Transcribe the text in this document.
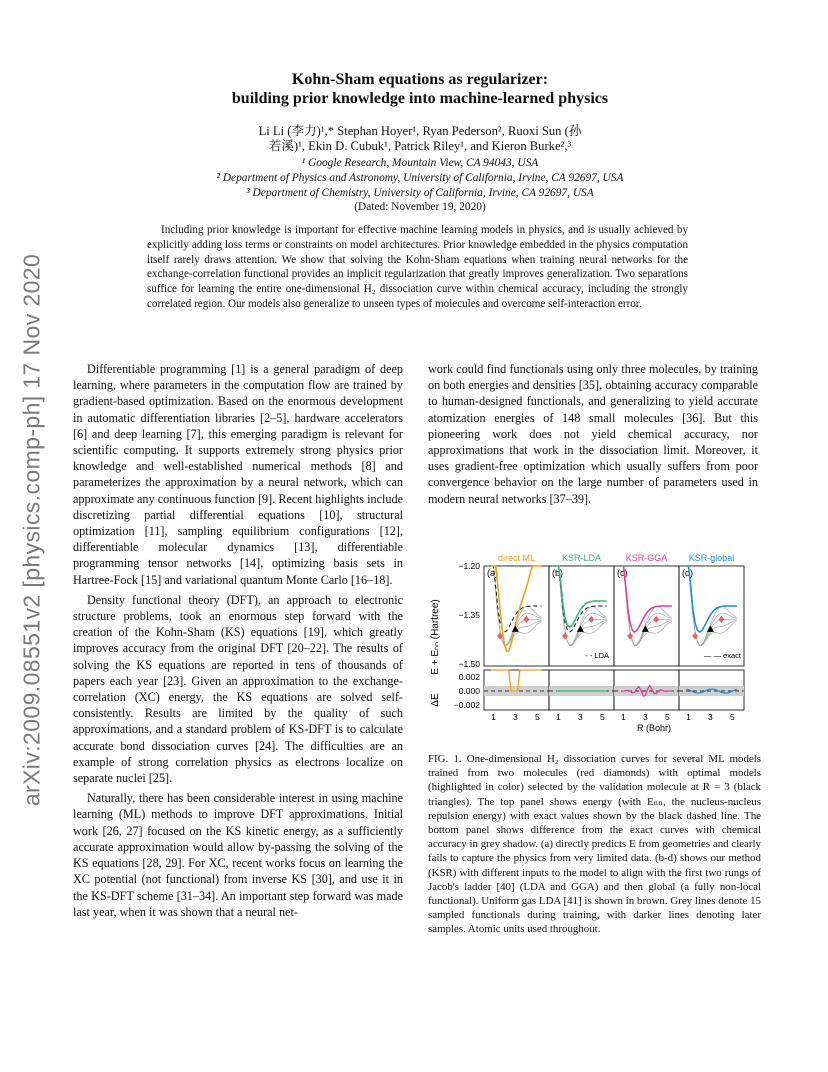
arXiv:2009.08551v2 [physics.comp-ph] 17 Nov 2020
Kohn-Sham equations as regularizer:
building prior knowledge into machine-learned physics
Li Li (李力)¹,* Stephan Hoyer¹, Ryan Pederson², Ruoxi Sun (孙
若溪)¹, Ekin D. Cubuk¹, Patrick Riley¹, and Kieron Burke²,³
¹ Google Research, Mountain View, CA 94043, USA
² Department of Physics and Astronomy, University of California, Irvine, CA 92697, USA
³ Department of Chemistry, University of California, Irvine, CA 92697, USA
(Dated: November 19, 2020)
Including prior knowledge is important for effective machine learning models in physics, and is usually achieved by explicitly adding loss terms or constraints on model architectures. Prior knowledge embedded in the physics computation itself rarely draws attention. We show that solving the Kohn-Sham equations when training neural networks for the exchange-correlation functional provides an implicit regularization that greatly improves generalization. Two separations suffice for learning the entire one-dimensional H₂ dissociation curve within chemical accuracy, including the strongly correlated region. Our models also generalize to unseen types of molecules and overcome self-interaction error.

Differentiable programming [1] is a general paradigm of deep learning, where parameters in the computation flow are trained by gradient-based optimization. Based on the enormous development in automatic differentiation libraries [2–5], hardware accelerators [6] and deep learning [7], this emerging paradigm is relevant for scientific computing. It supports extremely strong physics prior knowledge and well-established numerical methods [8] and parameterizes the approximation by a neural network, which can approximate any continuous function [9]. Recent highlights include discretizing partial differential equations [10], structural optimization [11], sampling equilibrium configurations [12], differentiable molecular dynamics [13], differentiable programming tensor networks [14], optimizing basis sets in Hartree-Fock [15] and variational quantum Monte Carlo [16–18].

Density functional theory (DFT), an approach to electronic structure problems, took an enormous step forward with the creation of the Kohn-Sham (KS) equations [19], which greatly improves accuracy from the original DFT [20–22]. The results of solving the KS equations are reported in tens of thousands of papers each year [23]. Given an approximation to the exchange-correlation (XC) energy, the KS equations are solved self-consistently. Results are limited by the quality of such approximations, and a standard problem of KS-DFT is to calculate accurate bond dissociation curves [24]. The difficulties are an example of strong correlation physics as electrons localize on separate nuclei [25].

Naturally, there has been considerable interest in using machine learning (ML) methods to improve DFT approximations. Initial work [26, 27] focused on the KS kinetic energy, as a sufficiently accurate approximation would allow by-passing the solving of the KS equations [28, 29]. For XC, recent works focus on learning the XC potential (not functional) from inverse KS [30], and use it in the KS-DFT scheme [31–34]. An important step forward was made last year, when it was shown that a neural net-

work could find functionals using only three molecules, by training on both energies and densities [35], obtaining accuracy comparable to human-designed functionals, and generalizing to yield accurate atomization energies of 148 small molecules [36]. But this pioneering work does not yield chemical accuracy, nor approximations that work in the dissociation limit. Moreover, it uses gradient-free optimization which usually suffers from poor convergence behavior on the large number of parameters used in modern neural networks [37–39].

E + Eₙₙ (Hartree)
ΔE
−1.20
−1.35
−1.50
0.002
0.000
−0.002
direct ML
(a)
1 3 5
KSR-LDA
(b)
1 3 5
- - LDA
KSR-GGA
(c)
1 3 5
KSR-global
(d)
1 3 5
— — exact
R (Bohr)
FIG. 1. One-dimensional H₂ dissociation curves for several ML models trained from two molecules (red diamonds) with optimal models (highlighted in color) selected by the validation molecule at R = 3 (black triangles). The top panel shows energy (with Eₙₙ, the nucleus-nucleus repulsion energy) with exact values shown by the black dashed line. The bottom panel shows difference from the exact curves with chemical accuracy in grey shadow. (a) directly predicts E from geometries and clearly fails to capture the physics from very limited data. (b-d) shows our method (KSR) with different inputs to the model to align with the first two rungs of Jacob's ladder [40] (LDA and GGA) and then global (a fully non-local functional). Uniform gas LDA [41] is shown in brown. Grey lines denote 15 sampled functionals during training, with darker lines denoting later samples. Atomic units used throughout.
